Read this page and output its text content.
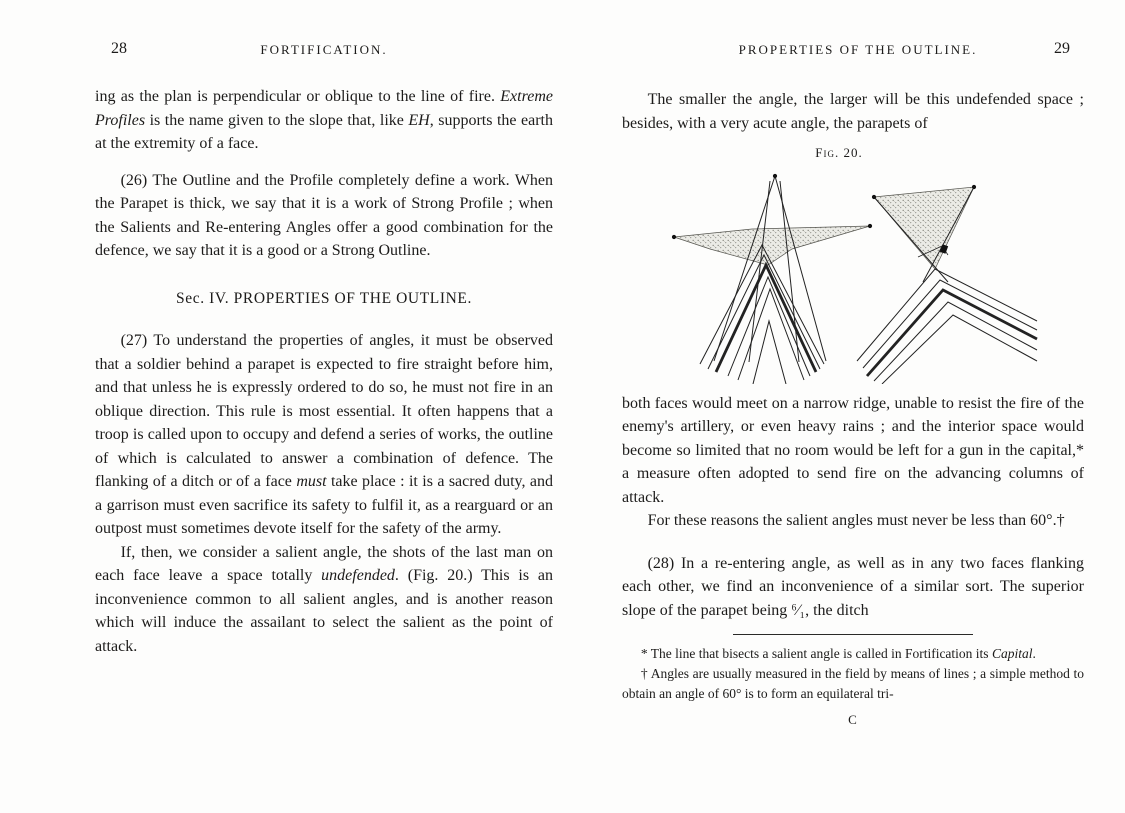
28	FORTIFICATION.

ing as the plan is perpendicular or oblique to the line of fire. Extreme Profiles is the name given to the slope that, like EH, supports the earth at the extremity of a face.

(26) The Outline and the Profile completely define a work. When the Parapet is thick, we say that it is a work of Strong Profile ; when the Salients and Re-entering Angles offer a good combination for the defence, we say that it is a good or a Strong Outline.

Sec. IV. PROPERTIES OF THE OUTLINE.

(27) To understand the properties of angles, it must be observed that a soldier behind a parapet is expected to fire straight before him, and that unless he is expressly ordered to do so, he must not fire in an oblique direction. This rule is most essential. It often happens that a troop is called upon to occupy and defend a series of works, the outline of which is calculated to answer a combination of defence. The flanking of a ditch or of a face must take place : it is a sacred duty, and a garrison must even sacrifice its safety to fulfil it, as a rearguard or an outpost must sometimes devote itself for the safety of the army.

If, then, we consider a salient angle, the shots of the last man on each face leave a space totally undefended. (Fig. 20.) This is an inconvenience common to all salient angles, and is another reason which will induce the assailant to select the salient as the point of attack.

PROPERTIES OF THE OUTLINE.	29

The smaller the angle, the larger will be this undefended space ; besides, with a very acute angle, the parapets of

Fig. 20.

both faces would meet on a narrow ridge, unable to resist the fire of the enemy's artillery, or even heavy rains ; and the interior space would become so limited that no room would be left for a gun in the capital,* a measure often adopted to send fire on the advancing columns of attack.

For these reasons the salient angles must never be less than 60°.†

(28) In a re-entering angle, as well as in any two faces flanking each other, we find an inconvenience of a similar sort. The superior slope of the parapet being ⁶⁄₁, the ditch

* The line that bisects a salient angle is called in Fortification its Capital.

† Angles are usually measured in the field by means of lines ; a simple method to obtain an angle of 60° is to form an equilateral tri-

C
